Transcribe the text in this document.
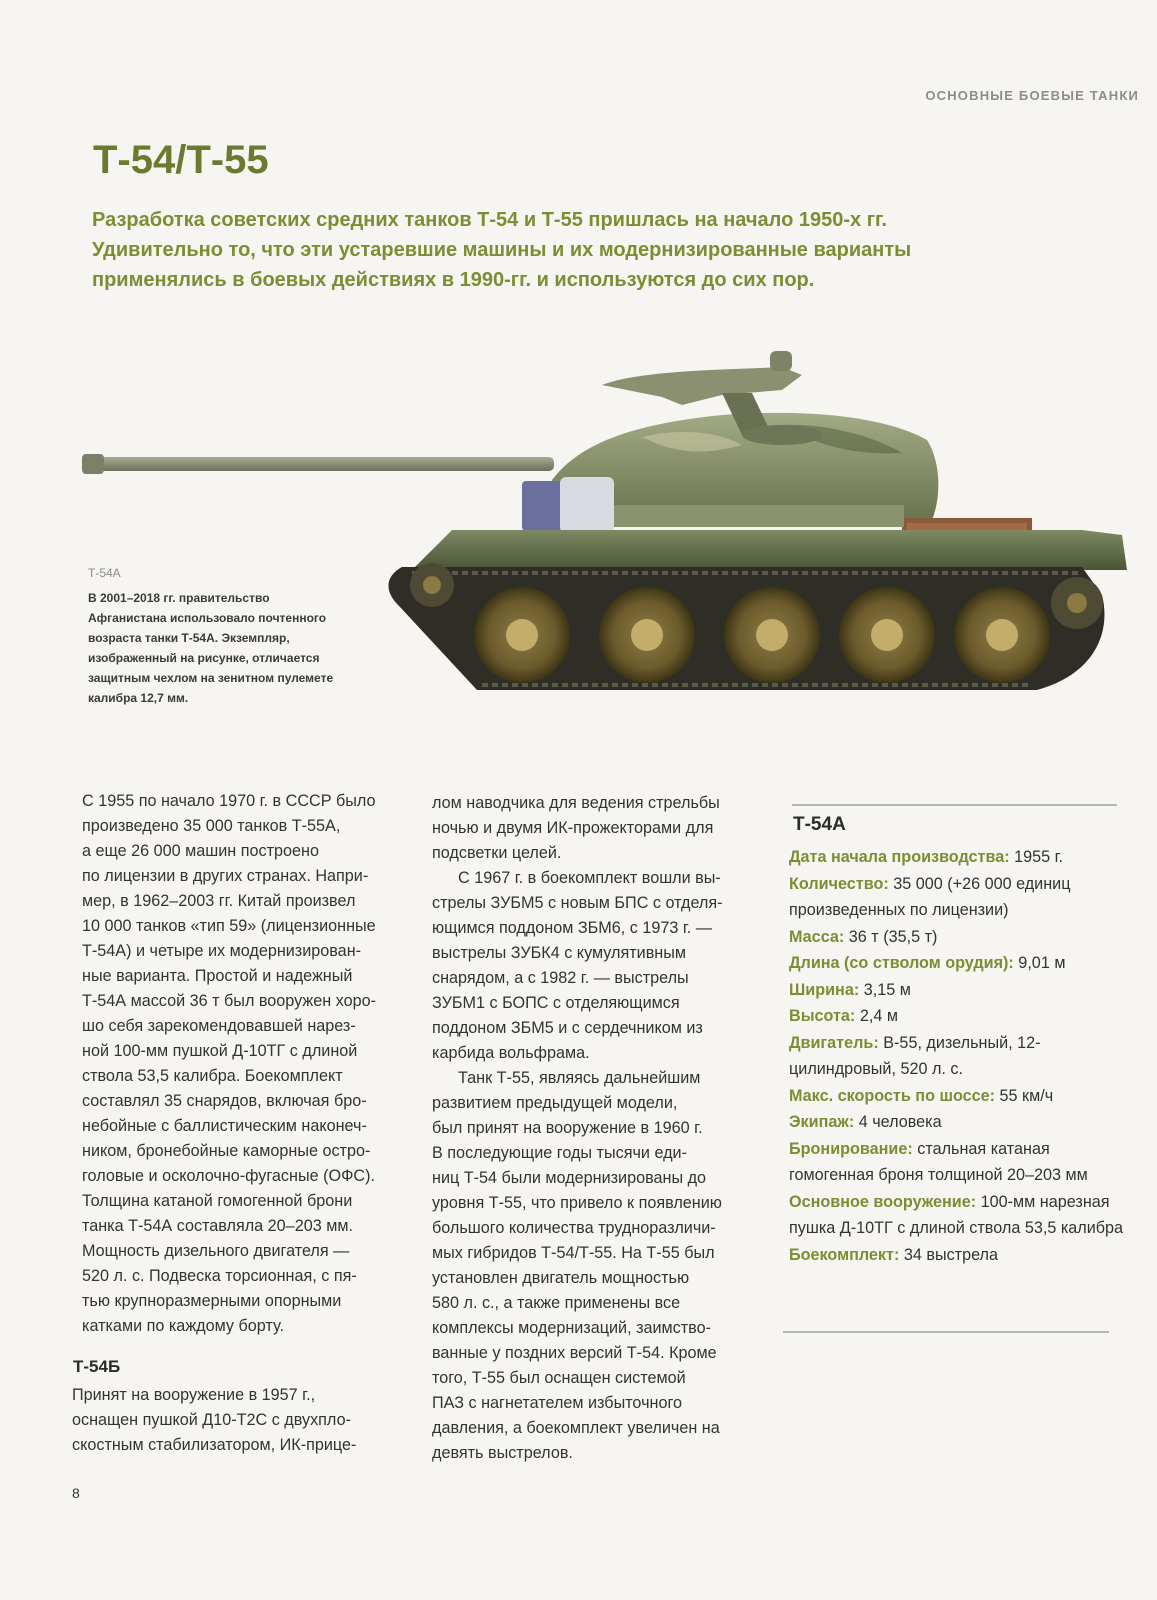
ОСНОВНЫЕ БОЕВЫЕ ТАНКИ
Т-54/Т-55

Разработка советских средних танков Т-54 и Т-55 пришлась на начало 1950-х гг.
Удивительно то, что эти устаревшие машины и их модернизированные варианты
применялись в боевых действиях в 1990-гг. и используются до сих пор.

Т-54А

В 2001–2018 гг. правительство
Афганистана использовало почтенного
возраста танки Т-54А. Экземпляр,
изображенный на рисунке, отличается
защитным чехлом на зенитном пулемете
калибра 12,7 мм.

С 1955 по начало 1970 г. в СССР было
произведено 35 000 танков Т-55А,
а еще 26 000 машин построено
по лицензии в других странах. Напри-
мер, в 1962–2003 гг. Китай произвел
10 000 танков «тип 59» (лицензионные
Т-54А) и четыре их модернизирован-
ные варианта. Простой и надежный
Т-54А массой 36 т был вооружен хоро-
шо себя зарекомендовавшей нарез-
ной 100-мм пушкой Д-10ТГ с длиной
ствола 53,5 калибра. Боекомплект
составлял 35 снарядов, включая бро-
небойные с баллистическим наконеч-
ником, бронебойные каморные остро-
головые и осколочно-фугасные (ОФС).
Толщина катаной гомогенной брони
танка Т-54А составляла 20–203 мм.
Мощность дизельного двигателя —
520 л. с. Подвеска торсионная, с пя-
тью крупноразмерными опорными
катками по каждому борту.

Т-54Б

Принят на вооружение в 1957 г.,
оснащен пушкой Д10-Т2С с двухпло-
скостным стабилизатором, ИК-прице-

лом наводчика для ведения стрельбы
ночью и двумя ИК-прожекторами для
подсветки целей.

С 1967 г. в боекомплект вошли вы-
стрелы ЗУБМ5 с новым БПС с отделя-
ющимся поддоном ЗБМ6, с 1973 г. —
выстрелы ЗУБК4 с кумулятивным
снарядом, а с 1982 г. — выстрелы
ЗУБМ1 с БОПС с отделяющимся
поддоном ЗБМ5 и с сердечником из
карбида вольфрама.

Танк Т-55, являясь дальнейшим
развитием предыдущей модели,
был принят на вооружение в 1960 г.
В последующие годы тысячи еди-
ниц Т-54 были модернизированы до
уровня Т-55, что привело к появлению
большого количества трудноразличи-
мых гибридов Т-54/Т-55. На Т-55 был
установлен двигатель мощностью
580 л. с., а также применены все
комплексы модернизаций, заимство-
ванные у поздних версий Т-54. Кроме
того, Т-55 был оснащен системой
ПАЗ с нагнетателем избыточного
давления, а боекомплект увеличен на
девять выстрелов.

Т-54А
Дата начала производства: 1955 г.
Количество: 35 000 (+26 000 единиц произведенных по лицензии)
Масса: 36 т (35,5 т)
Длина (со стволом орудия): 9,01 м
Ширина: 3,15 м
Высота: 2,4 м
Двигатель: В-55, дизельный, 12-цилиндровый, 520 л. с.
Макс. скорость по шоссе: 55 км/ч
Экипаж: 4 человека
Бронирование: стальная катаная гомогенная броня толщиной 20–203 мм
Основное вооружение: 100-мм нарезная пушка Д-10ТГ с длиной ствола 53,5 калибра
Боекомплект: 34 выстрела
8
